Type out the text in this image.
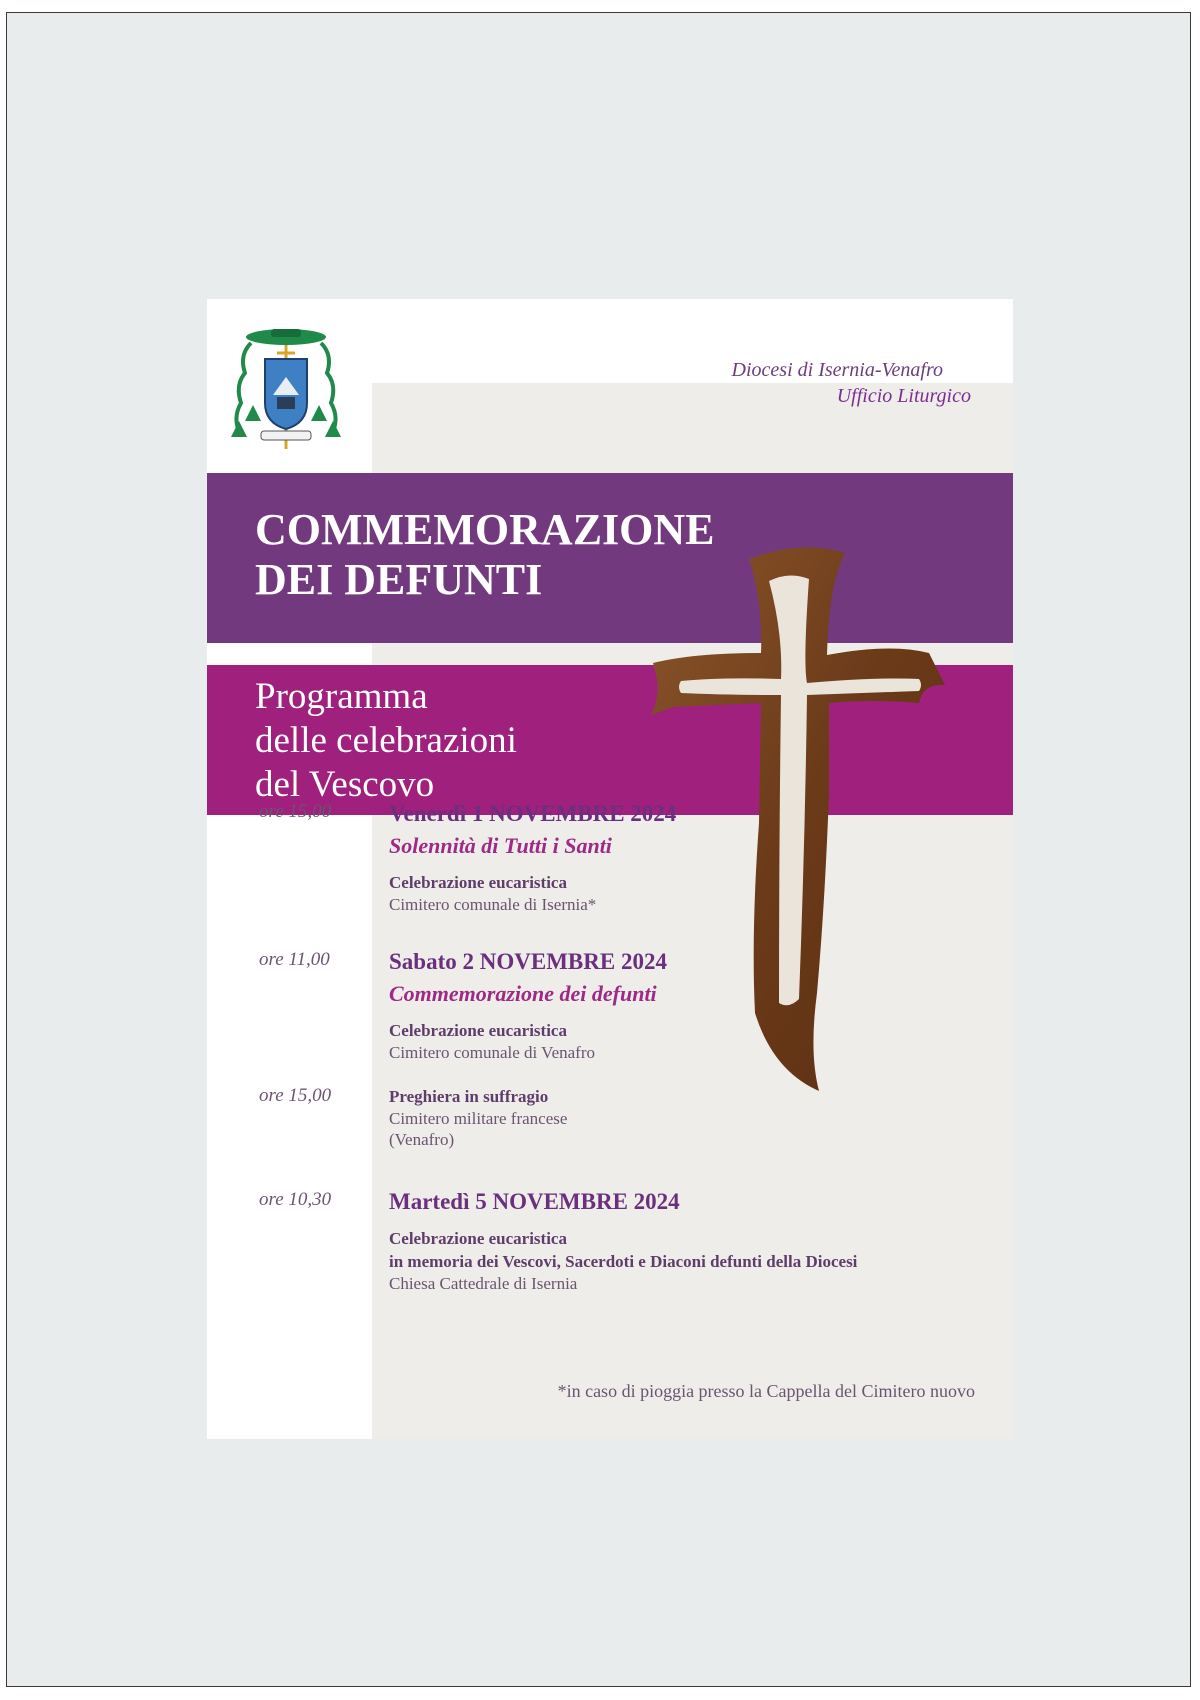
Diocesi di Isernia-Venafro
Ufficio Liturgico
COMMEMORAZIONE
DEI DEFUNTI
Programma
delle celebrazioni
del Vescovo
ore 15,00	Venerdì 1 NOVEMBRE 2024
Solennità di Tutti i Santi
Celebrazione eucaristica
Cimitero comunale di Isernia*
ore 11,00	Sabato 2 NOVEMBRE 2024
Commemorazione dei defunti
Celebrazione eucaristica
Cimitero comunale di Venafro
ore 15,00	Preghiera in suffragio
Cimitero militare francese
(Venafro)
ore 10,30	Martedì 5 NOVEMBRE 2024
Celebrazione eucaristica
in memoria dei Vescovi, Sacerdoti e Diaconi defunti della Diocesi
Chiesa Cattedrale di Isernia
*in caso di pioggia presso la Cappella del Cimitero nuovo
